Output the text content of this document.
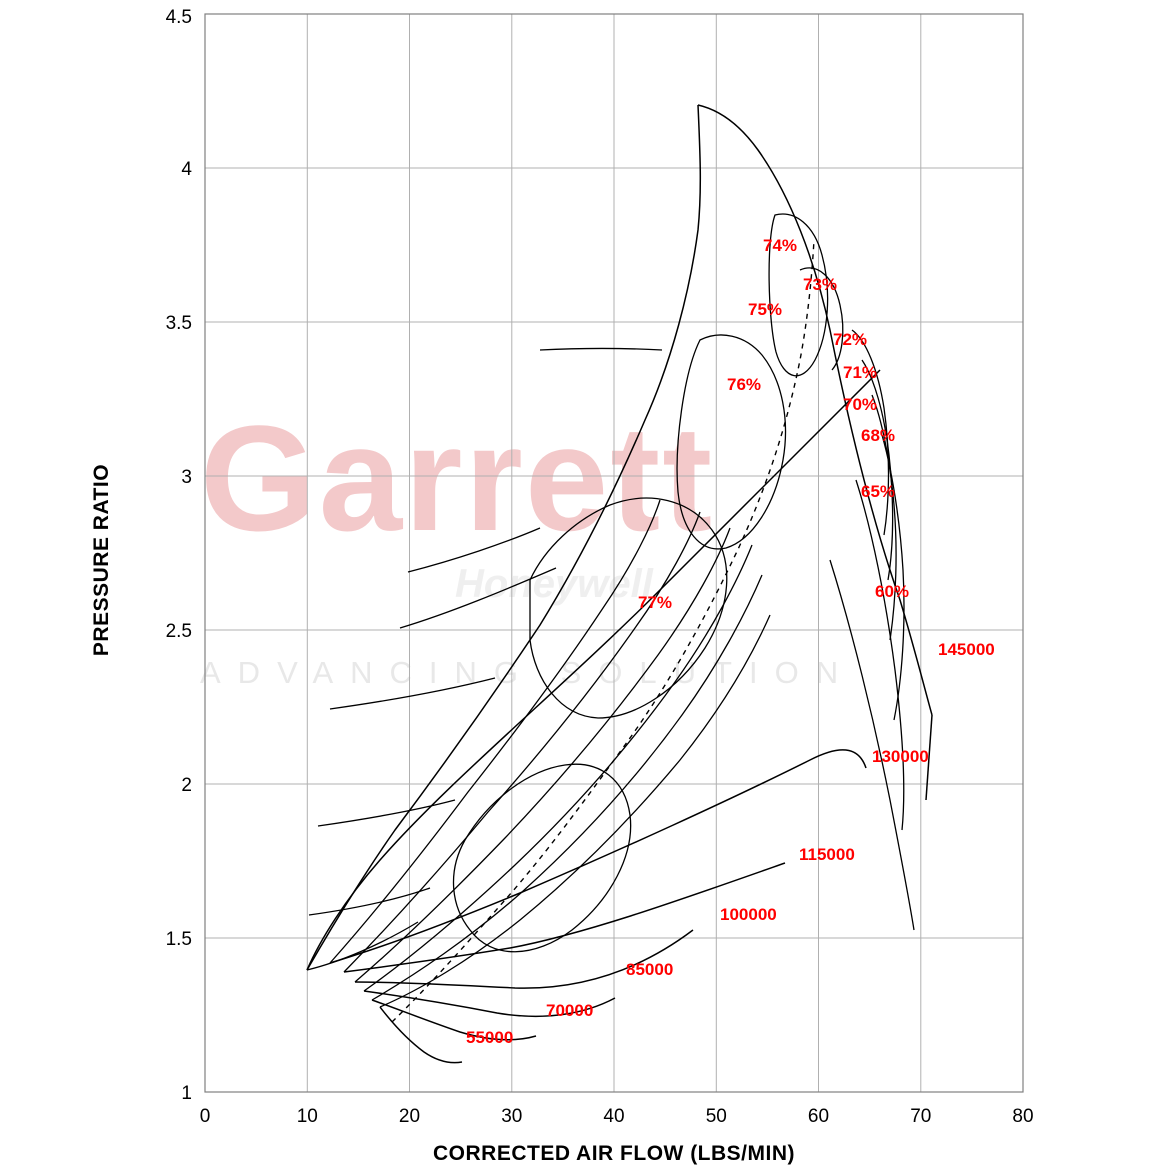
Garrett
Honeywell
ADVANCING SOLUTION
0	10	20	30	40	50	60	70	80
1
1.5
2
2.5
3
3.5
4
4.5
CORRECTED AIR FLOW (LBS/MIN)
PRESSURE RATIO
74%
73%
75%
72%
71%
76%
70%
68%
65%
60%
77%
145000
130000
115000
100000
85000
70000
55000
